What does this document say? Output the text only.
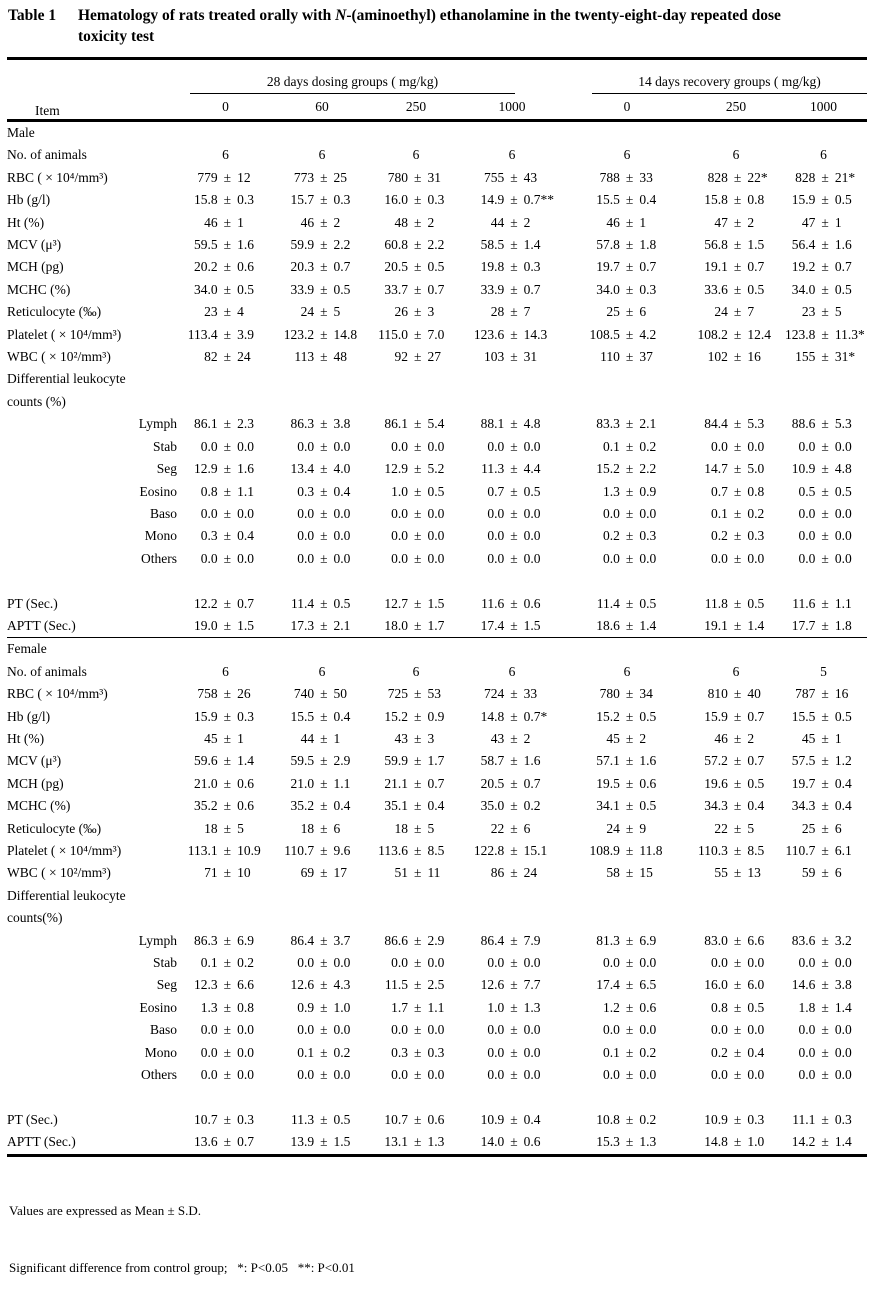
Table 1	Hematology of rats treated orally with N-(aminoethyl) ethanolamine in the twenty-eight-day repeated dose
toxicity test
Item	28 days dosing groups ( mg/kg)				14 days recovery groups ( mg/kg)		

	0	60	250	1000	0	250	1000
Male							
No. of animals	6	6	6	6	6	6	6

RBC ( × 10⁴/mm³)	779 ± 12	773 ± 25	780 ± 31	755 ± 43	788 ± 33	828 ± 22*	828 ± 21*

Hb (g/l)	15.8 ± 0.3	15.7 ± 0.3	16.0 ± 0.3	14.9 ± 0.7**	15.5 ± 0.4	15.8 ± 0.8	15.9 ± 0.5

Ht (%)	46 ± 1	46 ± 2	48 ± 2	44 ± 2	46 ± 1	47 ± 2	47 ± 1

MCV (μ³)	59.5 ± 1.6	59.9 ± 2.2	60.8 ± 2.2	58.5 ± 1.4	57.8 ± 1.8	56.8 ± 1.5	56.4 ± 1.6

MCH (pg)	20.2 ± 0.6	20.3 ± 0.7	20.5 ± 0.5	19.8 ± 0.3	19.7 ± 0.7	19.1 ± 0.7	19.2 ± 0.7

MCHC (%)	34.0 ± 0.5	33.9 ± 0.5	33.7 ± 0.7	33.9 ± 0.7	34.0 ± 0.3	33.6 ± 0.5	34.0 ± 0.5

Reticulocyte (‰)	23 ± 4	24 ± 5	26 ± 3	28 ± 7	25 ± 6	24 ± 7	23 ± 5

Platelet ( × 10⁴/mm³)	113.4 ± 3.9	123.2 ± 14.8	115.0 ± 7.0	123.6 ± 14.3	108.5 ± 4.2	108.2 ± 12.4	123.8 ± 11.3*

WBC ( × 10²/mm³)	82 ± 24	113 ± 48	92 ± 27	103 ± 31	110 ± 37	102 ± 16	155 ± 31*

Differential leukocyte							
counts (%)							
Lymph	86.1 ± 2.3	86.3 ± 3.8	86.1 ± 5.4	88.1 ± 4.8	83.3 ± 2.1	84.4 ± 5.3	88.6 ± 5.3

Stab	0.0 ± 0.0	0.0 ± 0.0	0.0 ± 0.0	0.0 ± 0.0	0.1 ± 0.2	0.0 ± 0.0	0.0 ± 0.0

Seg	12.9 ± 1.6	13.4 ± 4.0	12.9 ± 5.2	11.3 ± 4.4	15.2 ± 2.2	14.7 ± 5.0	10.9 ± 4.8

Eosino	0.8 ± 1.1	0.3 ± 0.4	1.0 ± 0.5	0.7 ± 0.5	1.3 ± 0.9	0.7 ± 0.8	0.5 ± 0.5

Baso	0.0 ± 0.0	0.0 ± 0.0	0.0 ± 0.0	0.0 ± 0.0	0.0 ± 0.0	0.1 ± 0.2	0.0 ± 0.0

Mono	0.3 ± 0.4	0.0 ± 0.0	0.0 ± 0.0	0.0 ± 0.0	0.2 ± 0.3	0.2 ± 0.3	0.0 ± 0.0

Others	0.0 ± 0.0	0.0 ± 0.0	0.0 ± 0.0	0.0 ± 0.0	0.0 ± 0.0	0.0 ± 0.0	0.0 ± 0.0

PT (Sec.)	12.2 ± 0.7	11.4 ± 0.5	12.7 ± 1.5	11.6 ± 0.6	11.4 ± 0.5	11.8 ± 0.5	11.6 ± 1.1

APTT (Sec.)	19.0 ± 1.5	17.3 ± 2.1	18.0 ± 1.7	17.4 ± 1.5	18.6 ± 1.4	19.1 ± 1.4	17.7 ± 1.8

Female							
No. of animals	6	6	6	6	6	6	5

RBC ( × 10⁴/mm³)	758 ± 26	740 ± 50	725 ± 53	724 ± 33	780 ± 34	810 ± 40	787 ± 16

Hb (g/l)	15.9 ± 0.3	15.5 ± 0.4	15.2 ± 0.9	14.8 ± 0.7*	15.2 ± 0.5	15.9 ± 0.7	15.5 ± 0.5

Ht (%)	45 ± 1	44 ± 1	43 ± 3	43 ± 2	45 ± 2	46 ± 2	45 ± 1

MCV (μ³)	59.6 ± 1.4	59.5 ± 2.9	59.9 ± 1.7	58.7 ± 1.6	57.1 ± 1.6	57.2 ± 0.7	57.5 ± 1.2

MCH (pg)	21.0 ± 0.6	21.0 ± 1.1	21.1 ± 0.7	20.5 ± 0.7	19.5 ± 0.6	19.6 ± 0.5	19.7 ± 0.4

MCHC (%)	35.2 ± 0.6	35.2 ± 0.4	35.1 ± 0.4	35.0 ± 0.2	34.1 ± 0.5	34.3 ± 0.4	34.3 ± 0.4

Reticulocyte (‰)	18 ± 5	18 ± 6	18 ± 5	22 ± 6	24 ± 9	22 ± 5	25 ± 6

Platelet ( × 10⁴/mm³)	113.1 ± 10.9	110.7 ± 9.6	113.6 ± 8.5	122.8 ± 15.1	108.9 ± 11.8	110.3 ± 8.5	110.7 ± 6.1

WBC ( × 10²/mm³)	71 ± 10	69 ± 17	51 ± 11	86 ± 24	58 ± 15	55 ± 13	59 ± 6

Differential leukocyte							
counts(%)							
Lymph	86.3 ± 6.9	86.4 ± 3.7	86.6 ± 2.9	86.4 ± 7.9	81.3 ± 6.9	83.0 ± 6.6	83.6 ± 3.2

Stab	0.1 ± 0.2	0.0 ± 0.0	0.0 ± 0.0	0.0 ± 0.0	0.0 ± 0.0	0.0 ± 0.0	0.0 ± 0.0

Seg	12.3 ± 6.6	12.6 ± 4.3	11.5 ± 2.5	12.6 ± 7.7	17.4 ± 6.5	16.0 ± 6.0	14.6 ± 3.8

Eosino	1.3 ± 0.8	0.9 ± 1.0	1.7 ± 1.1	1.0 ± 1.3	1.2 ± 0.6	0.8 ± 0.5	1.8 ± 1.4

Baso	0.0 ± 0.0	0.0 ± 0.0	0.0 ± 0.0	0.0 ± 0.0	0.0 ± 0.0	0.0 ± 0.0	0.0 ± 0.0

Mono	0.0 ± 0.0	0.1 ± 0.2	0.3 ± 0.3	0.0 ± 0.0	0.1 ± 0.2	0.2 ± 0.4	0.0 ± 0.0

Others	0.0 ± 0.0	0.0 ± 0.0	0.0 ± 0.0	0.0 ± 0.0	0.0 ± 0.0	0.0 ± 0.0	0.0 ± 0.0

PT (Sec.)	10.7 ± 0.3	11.3 ± 0.5	10.7 ± 0.6	10.9 ± 0.4	10.8 ± 0.2	10.9 ± 0.3	11.1 ± 0.3

APTT (Sec.)	13.6 ± 0.7	13.9 ± 1.5	13.1 ± 1.3	14.0 ± 0.6	15.3 ± 1.3	14.8 ± 1.0	14.2 ± 1.4

Values are expressed as Mean ± S.D.

Significant difference from control group;   *: P<0.05   **: P<0.01
